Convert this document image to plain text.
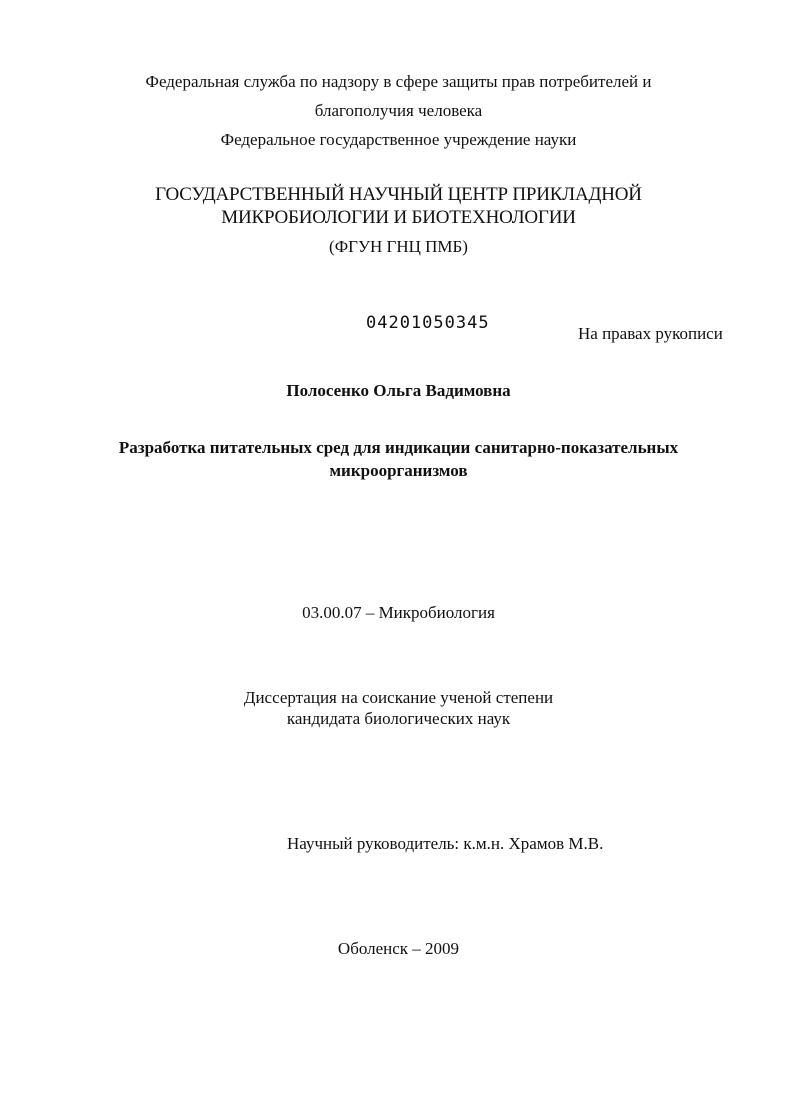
Федеральная служба по надзору в сфере защиты прав потребителей и
благополучия человека
Федеральное государственное учреждение науки
ГОСУДАРСТВЕННЫЙ НАУЧНЫЙ ЦЕНТР ПРИКЛАДНОЙ
МИКРОБИОЛОГИИ И БИОТЕХНОЛОГИИ
(ФГУН ГНЦ ПМБ)
04201050345
На правах рукописи
Полосенко Ольга Вадимовна
Разработка питательных сред для индикации санитарно-показательных
микроорганизмов
03.00.07 – Микробиология
Диссертация на соискание ученой степени
кандидата биологических наук
Научный руководитель: к.м.н. Храмов М.В.
Оболенск – 2009
